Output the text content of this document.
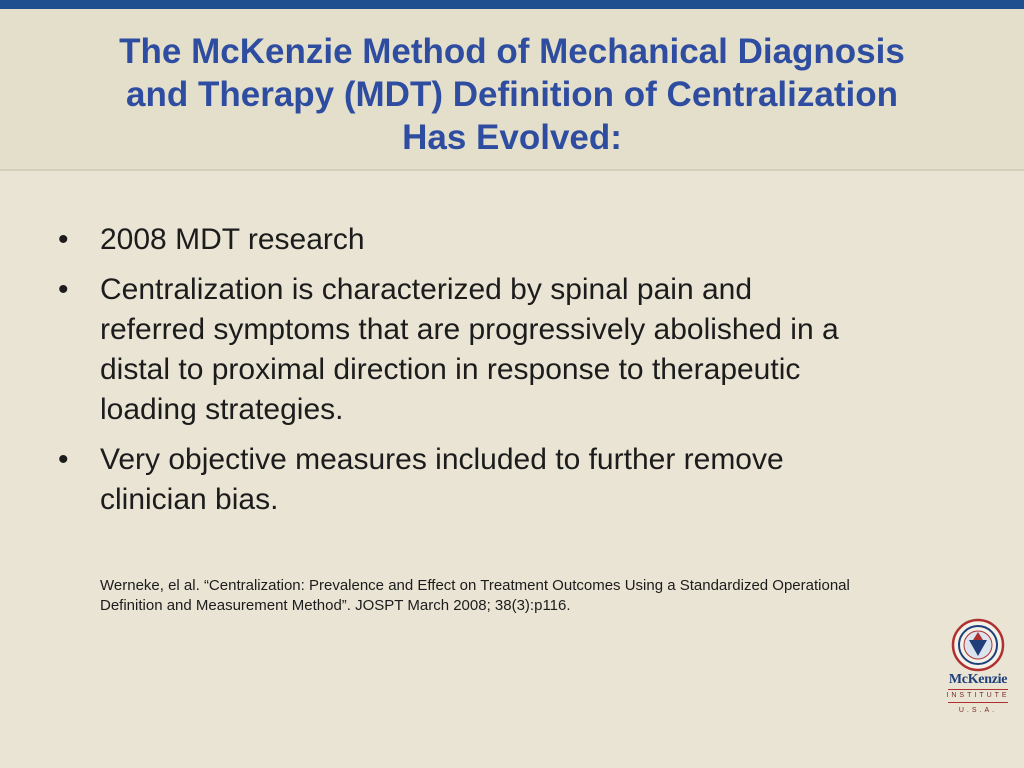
The McKenzie Method of Mechanical Diagnosis
and Therapy (MDT) Definition of Centralization
Has Evolved:
• 2008 MDT research
• Centralization is characterized by spinal pain and
referred symptoms that are progressively abolished in a
distal to proximal direction in response to therapeutic
loading strategies.
• Very objective measures included to further remove
clinician bias.
Werneke, el al. “Centralization: Prevalence and Effect on Treatment Outcomes Using a Standardized Operational
Definition and Measurement Method”. JOSPT March 2008; 38(3):p116.
McKenzie
INSTITUTE
U.S.A.
